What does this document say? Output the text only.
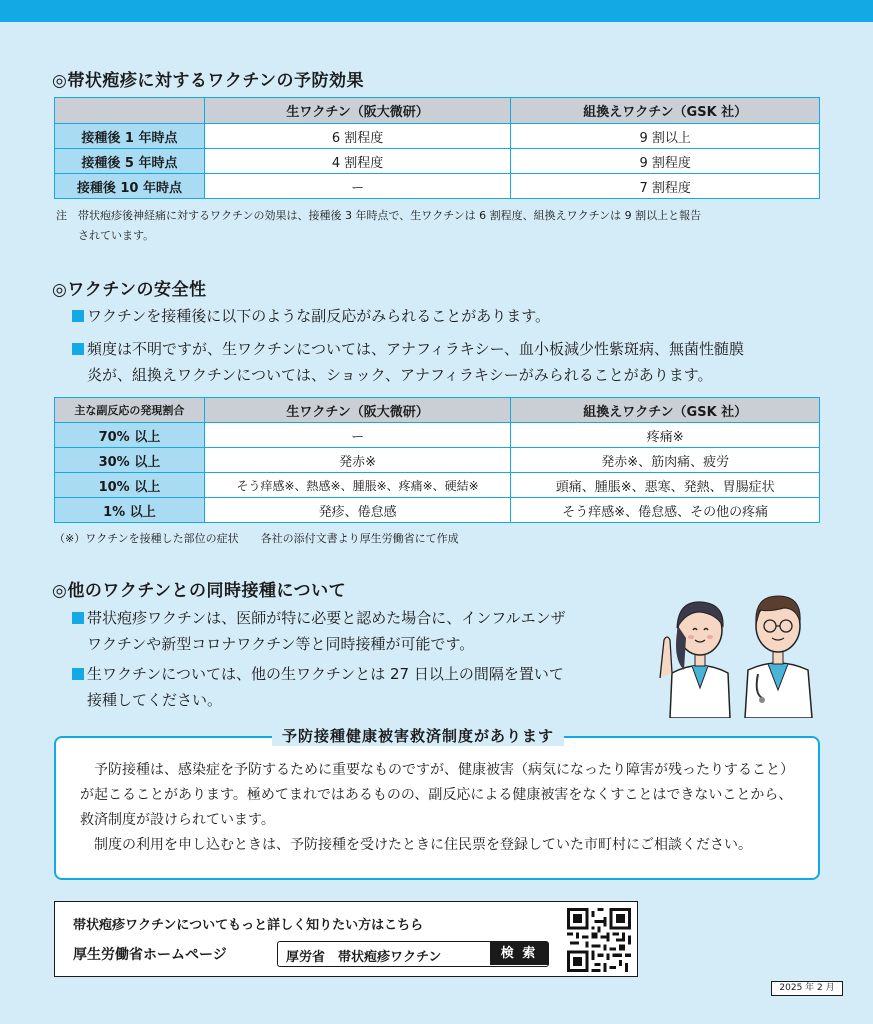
◎帯状疱疹に対するワクチンの予防効果
	生ワクチン（阪大微研）	組換えワクチン（GSK 社）
接種後 1 年時点	6 割程度	9 割以上
接種後 5 年時点	4 割程度	9 割程度
接種後 10 年時点	ー	7 割程度
注 帯状疱疹後神経痛に対するワクチンの効果は、接種後 3 年時点で、生ワクチンは 6 割程度、組換えワクチンは 9 割以上と報告
されています。
◎ワクチンの安全性
ワクチンを接種後に以下のような副反応がみられることがあります。
頻度は不明ですが、生ワクチンについては、アナフィラキシー、血小板減少性紫斑病、無菌性髄膜
炎が、組換えワクチンについては、ショック、アナフィラキシーがみられることがあります。
主な副反応の発現割合	生ワクチン（阪大微研）	組換えワクチン（GSK 社）
70% 以上	ー	疼痛※
30% 以上	発赤※	発赤※、筋肉痛、疲労
10% 以上	そう痒感※、熱感※、腫脹※、疼痛※、硬結※	頭痛、腫脹※、悪寒、発熱、胃腸症状
1% 以上	発疹、倦怠感	そう痒感※、倦怠感、その他の疼痛
（※）ワクチンを接種した部位の症状　　各社の添付文書より厚生労働省にて作成
◎他のワクチンとの同時接種について
帯状疱疹ワクチンは、医師が特に必要と認めた場合に、インフルエンザ
ワクチンや新型コロナワクチン等と同時接種が可能です。
生ワクチンについては、他の生ワクチンとは 27 日以上の間隔を置いて
接種してください。
予防接種健康被害救済制度があります

予防接種は、感染症を予防するために重要なものですが、健康被害（病気になったり障害が残ったりすること）が起こることがあります。極めてまれではあるものの、副反応による健康被害をなくすことはできないことから、救済制度が設けられています。

制度の利用を申し込むときは、予防接種を受けたときに住民票を登録していた市町村にご相談ください。

帯状疱疹ワクチンについてもっと詳しく知りたい方はこちら
厚生労働省ホームページ	厚労省　帯状疱疹ワクチン	検 索
2025 年 2 月
